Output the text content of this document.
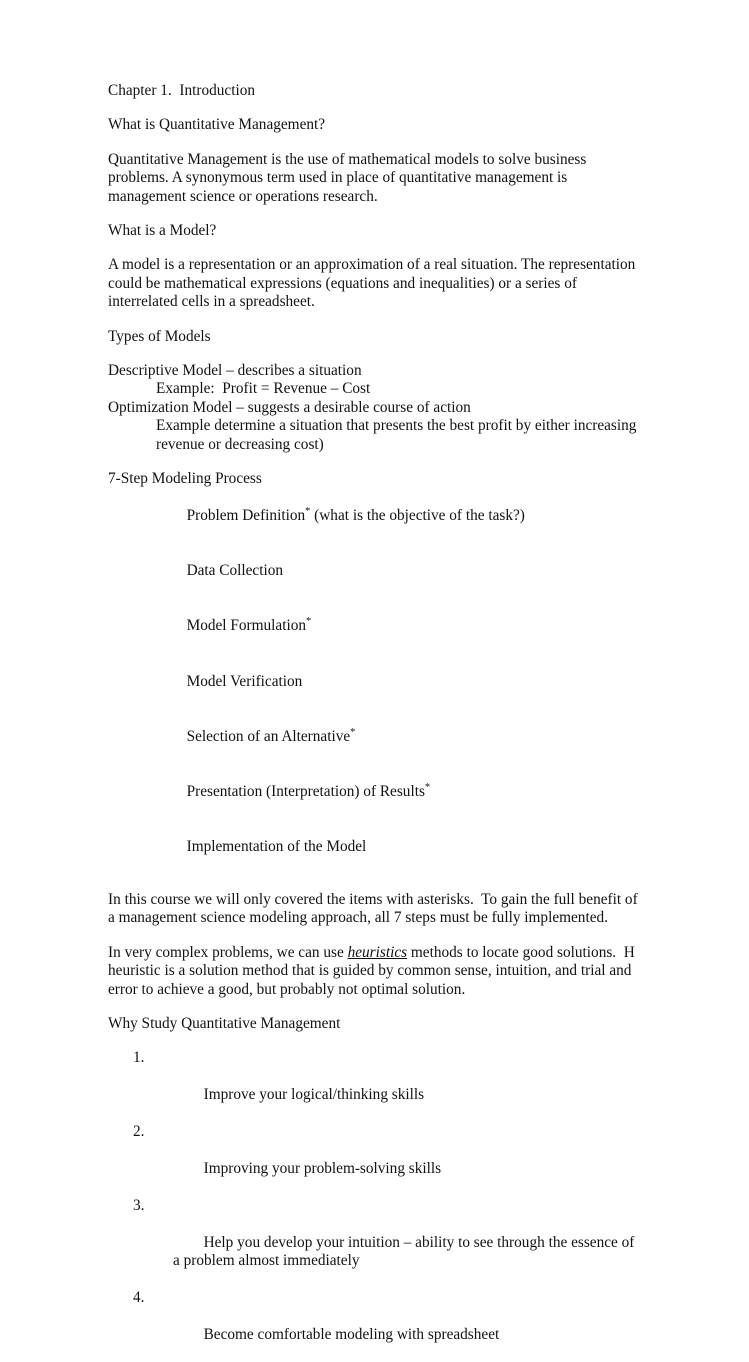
Chapter 1.  Introduction
What is Quantitative Management?

Quantitative Management is the use of mathematical models to solve business problems. A synonymous term used in place of quantitative management is management science or operations research.

What is a Model?

A model is a representation or an approximation of a real situation. The representation could be mathematical expressions (equations and inequalities) or a series of interrelated cells in a spreadsheet.

Types of Models
Descriptive Model – describes a situation
Example:  Profit = Revenue – Cost
Optimization Model – suggests a desirable course of action
Example determine a situation that presents the best profit by either increasing
revenue or decreasing cost)
7-Step Modeling Process

Problem Definition* (what is the objective of the task?)

Data Collection

Model Formulation*

Model Verification

Selection of an Alternative*

Presentation (Interpretation) of Results*

Implementation of the Model

In this course we will only covered the items with asterisks.  To gain the full benefit of a management science modeling approach, all 7 steps must be fully implemented.

In very complex problems, we can use heuristics methods to locate good solutions.  H heuristic is a solution method that is guided by common sense, intuition, and trial and error to achieve a good, but probably not optimal solution.

Why Study Quantitative Management

1.

Improve your logical/thinking skills

2.

Improving your problem-solving skills

3.

Help you develop your intuition – ability to see through the essence of a problem almost immediately

4.

Become comfortable modeling with spreadsheet
